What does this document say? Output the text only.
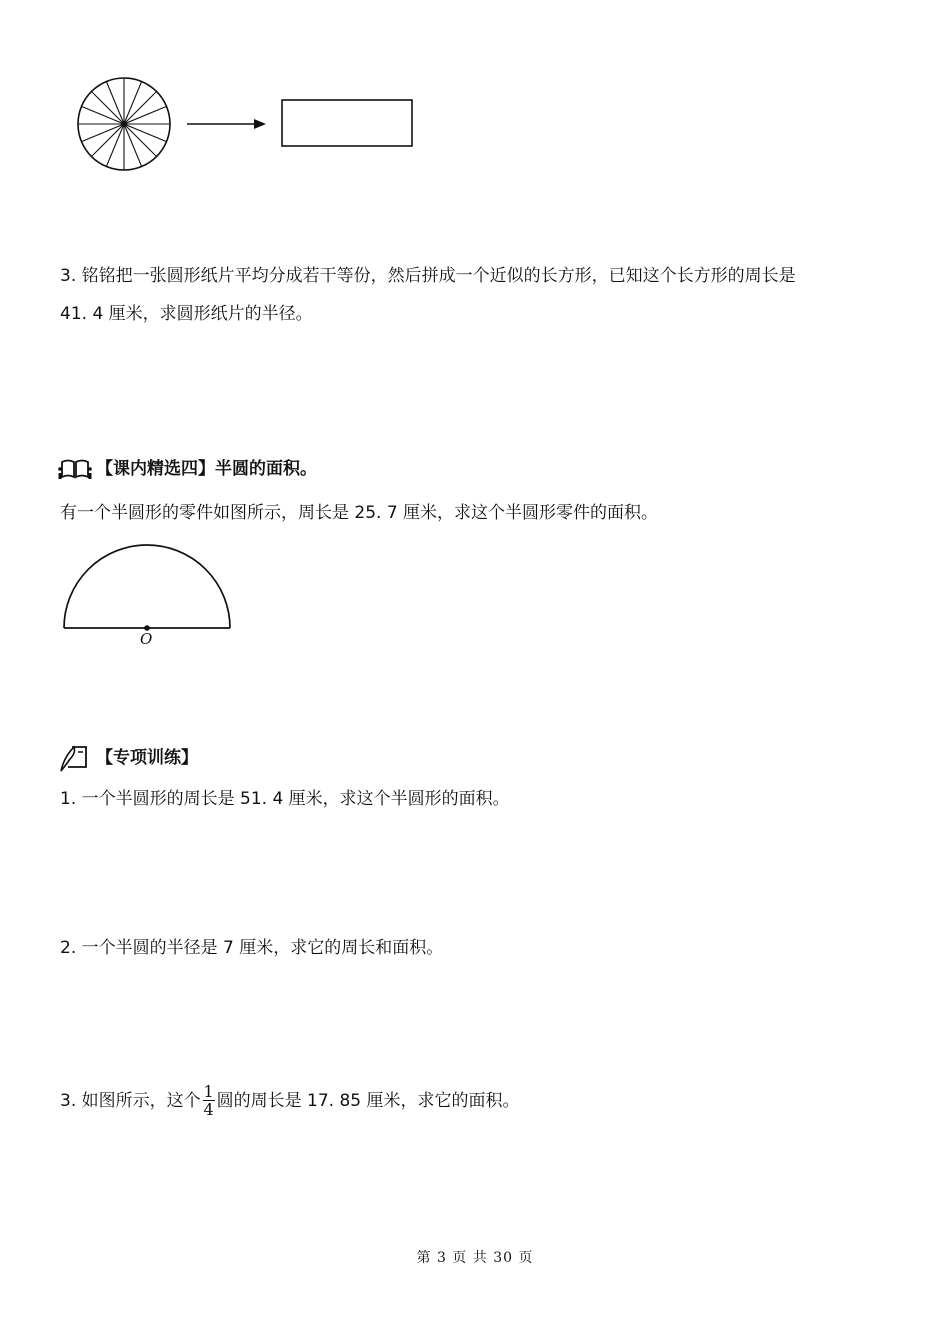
3. 铭铭把一张圆形纸片平均分成若干等份，然后拼成一个近似的长方形，已知这个长方形的周长是
41. 4 厘米，求圆形纸片的半径。
【课内精选四】半圆的面积。
有一个半圆形的零件如图所示，周长是 25. 7 厘米，求这个半圆形零件的面积。
O
【专项训练】
1. 一个半圆形的周长是 51. 4 厘米，求这个半圆形的面积。
2. 一个半圆的半径是 7 厘米，求它的周长和面积。
3. 如图所示，这个 $\frac{1}{4}$ 圆的周长是 17. 85 厘米，求它的面积。
第 3 页 共 30 页
